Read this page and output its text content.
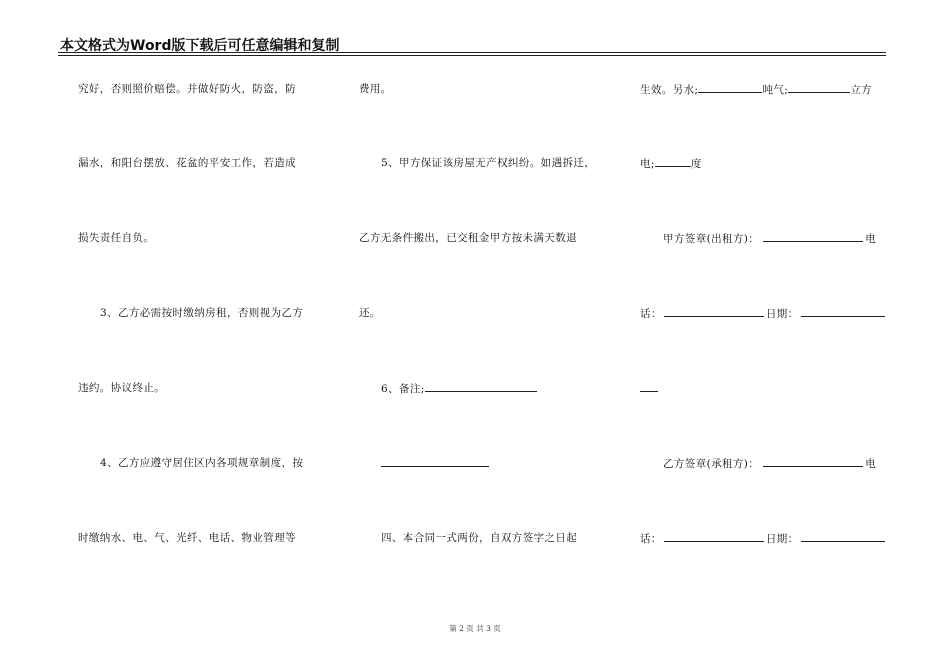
本文格式为Word版下载后可任意编辑和复制
究好，否则照价赔偿。并做好防火，防盗，防
漏水，和阳台摆放、花盆的平安工作，若造成
损失责任自负。
3、乙方必需按时缴纳房租，否则视为乙方
违约。协议终止。
4、乙方应遵守居住区内各项规章制度，按
时缴纳水、电、气、光纤、电话、物业管理等
费用。
5、甲方保证该房屋无产权纠纷。如遇拆迁，
乙方无条件搬出，已交租金甲方按未满天数退
还。
6、备注;
四、本合同一式两份，自双方签字之日起
生效。另水;	吨气;	立方
电;	度
甲方签章(出租方)：	电
话：	日期：
乙方签章(承租方)：	电
话：	日期：
第 2 页 共 3 页
